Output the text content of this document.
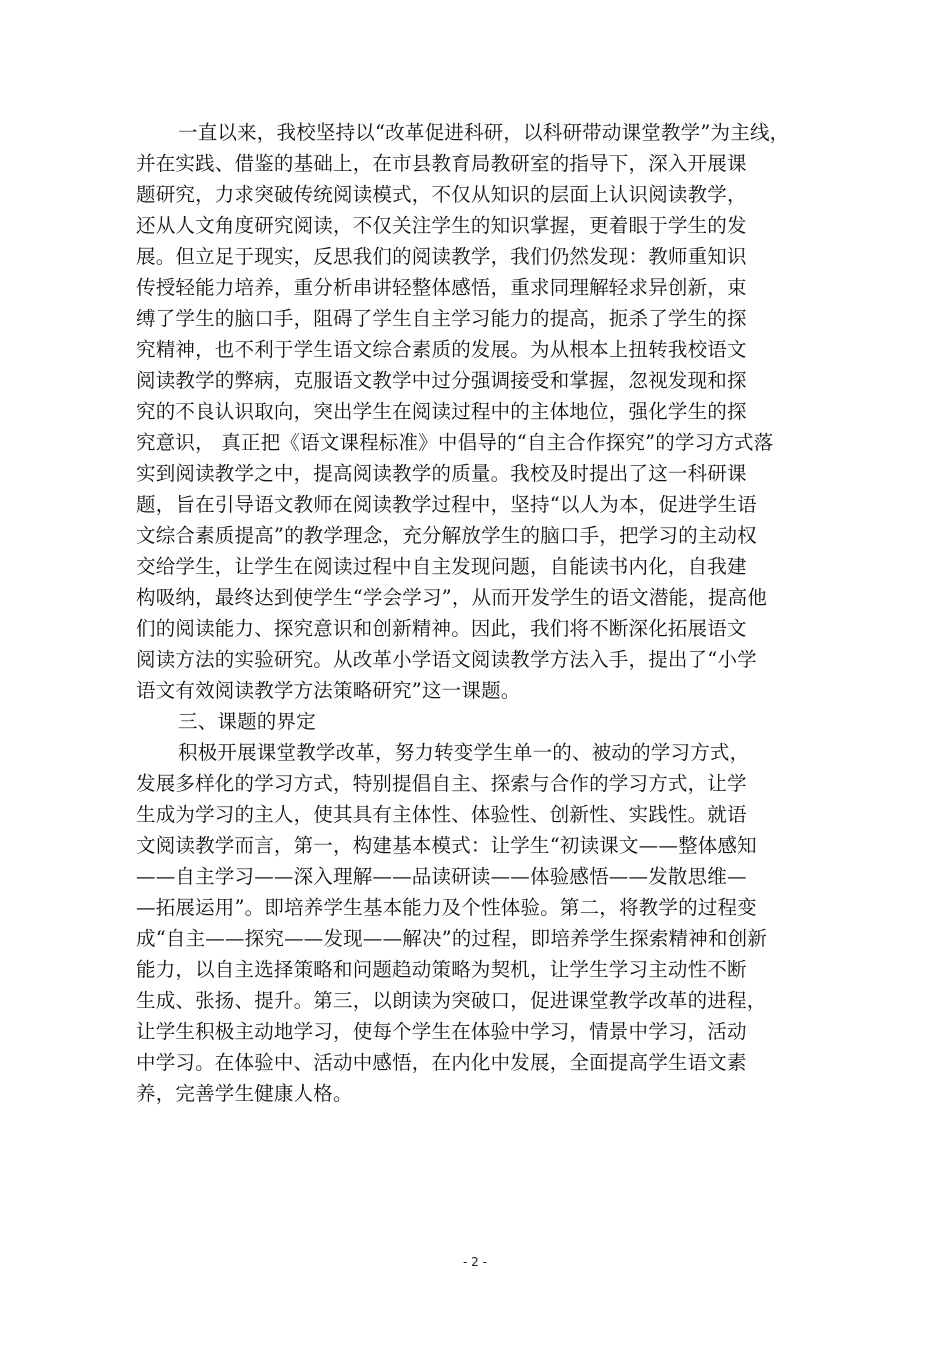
一直以来，我校坚持以“改革促进科研，以科研带动课堂教学”为主线，
并在实践、借鉴的基础上，在市县教育局教研室的指导下，深入开展课
题研究，力求突破传统阅读模式，不仅从知识的层面上认识阅读教学，
还从人文角度研究阅读，不仅关注学生的知识掌握，更着眼于学生的发
展。但立足于现实，反思我们的阅读教学，我们仍然发现：教师重知识
传授轻能力培养，重分析串讲轻整体感悟，重求同理解轻求异创新，束
缚了学生的脑口手，阻碍了学生自主学习能力的提高，扼杀了学生的探
究精神，也不利于学生语文综合素质的发展。为从根本上扭转我校语文
阅读教学的弊病，克服语文教学中过分强调接受和掌握，忽视发现和探
究的不良认识取向，突出学生在阅读过程中的主体地位，强化学生的探
究意识， 真正把《语文课程标准》中倡导的“自主合作探究”的学习方式落
实到阅读教学之中，提高阅读教学的质量。我校及时提出了这一科研课
题，旨在引导语文教师在阅读教学过程中，坚持“以人为本，促进学生语
文综合素质提高”的教学理念，充分解放学生的脑口手，把学习的主动权
交给学生，让学生在阅读过程中自主发现问题，自能读书内化，自我建
构吸纳，最终达到使学生“学会学习”，从而开发学生的语文潜能，提高他
们的阅读能力、探究意识和创新精神。因此，我们将不断深化拓展语文
阅读方法的实验研究。从改革小学语文阅读教学方法入手，提出了“小学
语文有效阅读教学方法策略研究”这一课题。
三、课题的界定
积极开展课堂教学改革，努力转变学生单一的、被动的学习方式，
发展多样化的学习方式，特别提倡自主、探索与合作的学习方式，让学
生成为学习的主人，使其具有主体性、体验性、创新性、实践性。就语
文阅读教学而言，第一，构建基本模式：让学生“初读课文——整体感知
——自主学习——深入理解——品读研读——体验感悟——发散思维—
—拓展运用”。即培养学生基本能力及个性体验。第二，将教学的过程变
成“自主——探究——发现——解决”的过程，即培养学生探索精神和创新
能力，以自主选择策略和问题趋动策略为契机，让学生学习主动性不断
生成、张扬、提升。第三，以朗读为突破口，促进课堂教学改革的进程，
让学生积极主动地学习，使每个学生在体验中学习，情景中学习，活动
中学习。在体验中、活动中感悟，在内化中发展，全面提高学生语文素
养，完善学生健康人格。
- 2 -
